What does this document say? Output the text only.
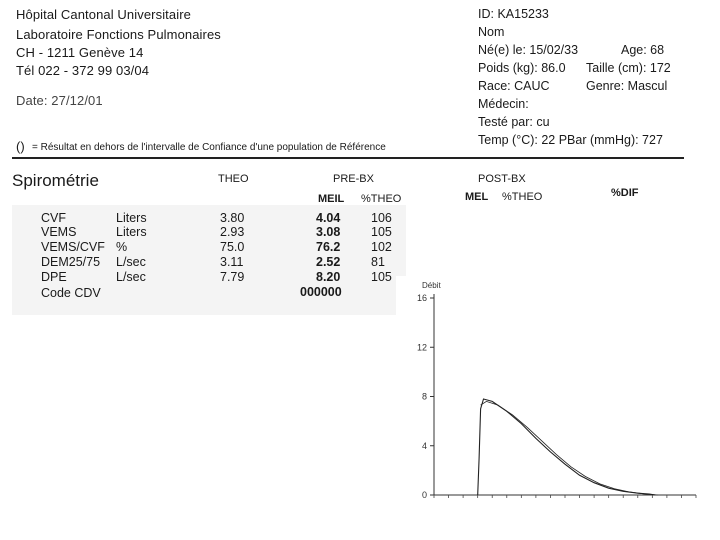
Hôpital Cantonal Universitaire
Laboratoire Fonctions Pulmonaires
CH - 1211 Genève 14
Tél 022 - 372 99 03/04
Date: 27/12/01
ID: KA15233
Nom
Né(e) le: 15/02/33	Age: 68
Poids (kg): 86.0 Taille (cm): 172
Race: CAUC	Genre: Mascul
Médecin:
Testé par: cu
Temp (°C): 22 PBar (mmHg): 727
() = Résultat en dehors de l'intervalle de Confiance d'une population de Référence
Spirométrie	THEO	PRE-BX	POST-BX
MEIL %THEO	MEL %THEO	%DIF
CVF	Liters	3.80	4.04 106
VEMS	Liters	2.93	3.08 105
VEMS/CVF %	75.0	76.2 102
DEM25/75 L/sec	3.11	2.52 81
DPE	L/sec	7.79	8.20 105
Code CDV	000000
0
4
8
12
16
Débit
